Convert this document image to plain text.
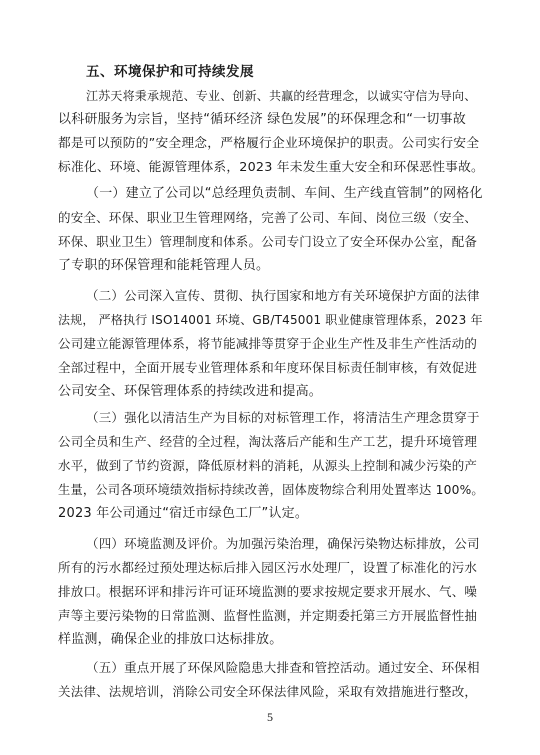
五、环境保护和可持续发展
江苏天将秉承规范、专业、创新、共赢的经营理念，以诚实守信为导向、
以科研服务为宗旨，坚持“循环经济 绿色发展”的环保理念和“一切事故
都是可以预防的”安全理念，严格履行企业环境保护的职责。公司实行安全
标准化、环境、能源管理体系，2023 年未发生重大安全和环保恶性事故。
（一）建立了公司以“总经理负责制、车间、生产线直管制”的网格化
的安全、环保、职业卫生管理网络，完善了公司、车间、岗位三级（安全、
环保、职业卫生）管理制度和体系。公司专门设立了安全环保办公室，配备
了专职的环保管理和能耗管理人员。
（二）公司深入宣传、贯彻、执行国家和地方有关环境保护方面的法律
法规， 严格执行 ISO14001 环境、GB/T45001 职业健康管理体系，2023 年
公司建立能源管理体系，将节能减排等贯穿于企业生产性及非生产性活动的
全部过程中，全面开展专业管理体系和年度环保目标责任制审核，有效促进
公司安全、环保管理体系的持续改进和提高。
（三）强化以清洁生产为目标的对标管理工作，将清洁生产理念贯穿于
公司全员和生产、经营的全过程，淘汰落后产能和生产工艺，提升环境管理
水平，做到了节约资源，降低原材料的消耗，从源头上控制和减少污染的产
生量，公司各项环境绩效指标持续改善，固体废物综合利用处置率达 100%。
2023 年公司通过“宿迁市绿色工厂”认定。
（四）环境监测及评价。为加强污染治理，确保污染物达标排放，公司
所有的污水都经过预处理达标后排入园区污水处理厂，设置了标准化的污水
排放口。根据环评和排污许可证环境监测的要求按规定要求开展水、气、噪
声等主要污染物的日常监测、监督性监测，并定期委托第三方开展监督性抽
样监测，确保企业的排放口达标排放。
（五）重点开展了环保风险隐患大排查和管控活动。通过安全、环保相
关法律、法规培训，消除公司安全环保法律风险，采取有效措施进行整改，
5
